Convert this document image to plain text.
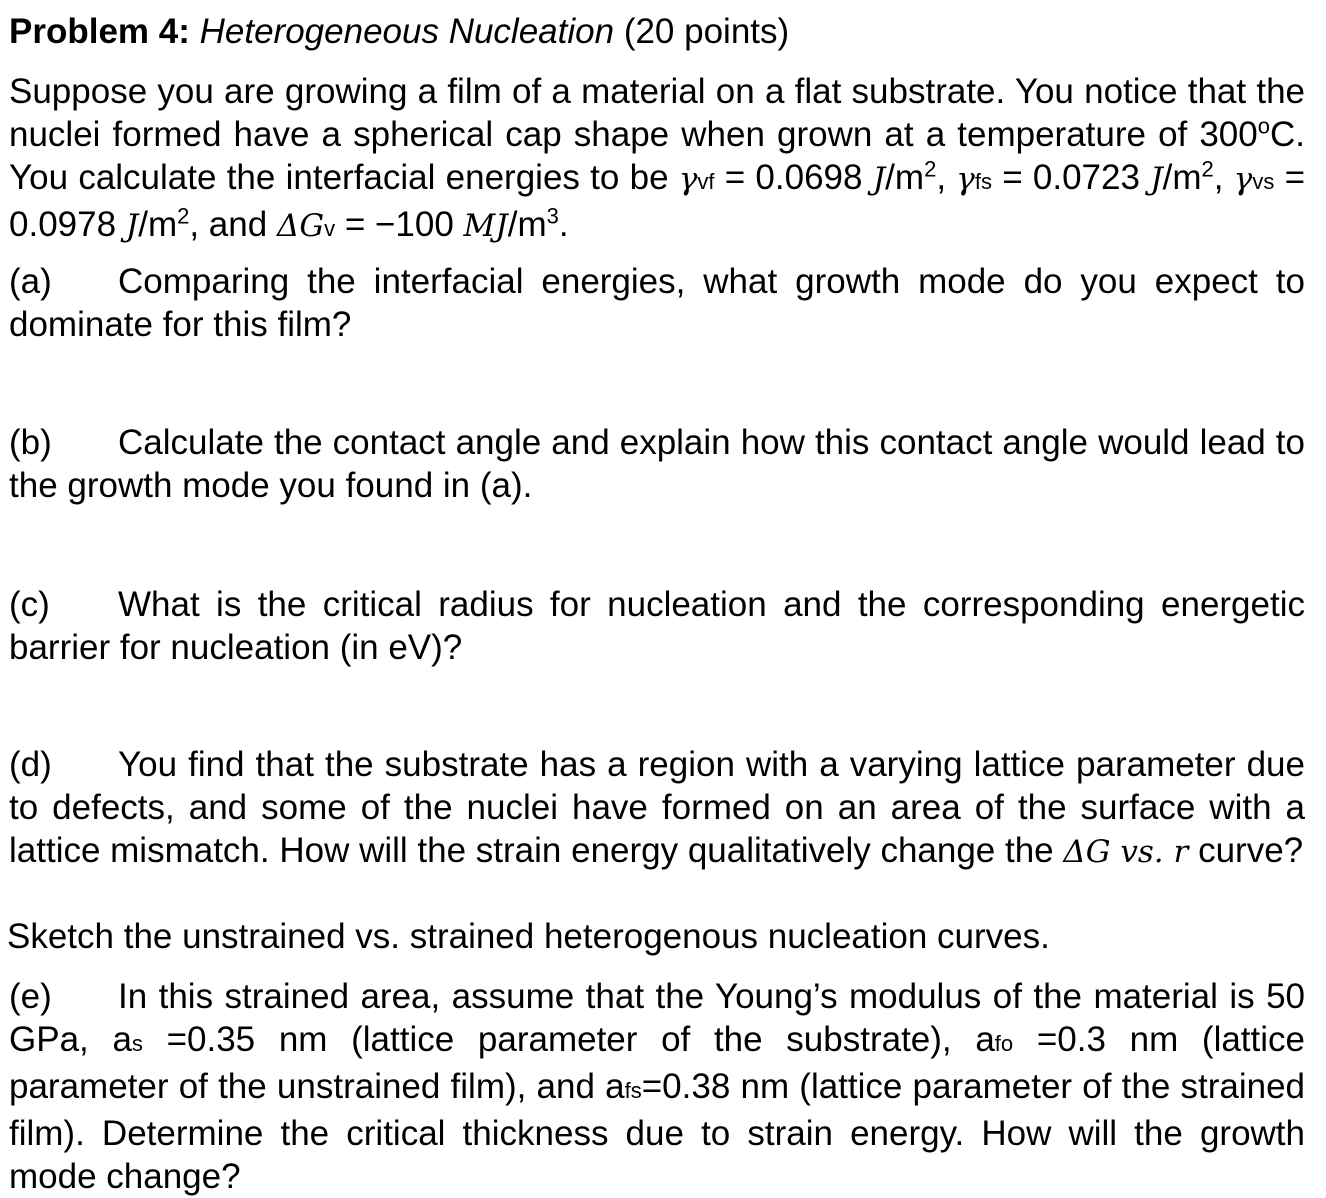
Problem 4: Heterogeneous Nucleation (20 points)
Suppose you are growing a film of a material on a flat substrate. You notice that the nuclei formed have a spherical cap shape when grown at a temperature of 300$^o$C. You calculate the interfacial energies to be γvf = 0.0698 $J/m^2$, γfs = 0.0723 $J/m^2$, γvs = 0.0978 $J/m^2$, and ΔGv = −100 $MJ/m^3$.
(a) Comparing the interfacial energies, what growth mode do you expect to dominate for this film?
(b) Calculate the contact angle and explain how this contact angle would lead to the growth mode you found in (a).
(c) What is the critical radius for nucleation and the corresponding energetic barrier for nucleation (in eV)?
(d) You find that the substrate has a region with a varying lattice parameter due to defects, and some of the nuclei have formed on an area of the surface with a lattice mismatch. How will the strain energy qualitatively change the ΔG vs. r curve?
Sketch the unstrained vs. strained heterogenous nucleation curves.
(e) In this strained area, assume that the Young’s modulus of the material is 50 GPa, as =0.35 nm (lattice parameter of the substrate), afo =0.3 nm (lattice parameter of the unstrained film), and afs=0.38 nm (lattice parameter of the strained film). Determine the critical thickness due to strain energy. How will the growth mode change?
